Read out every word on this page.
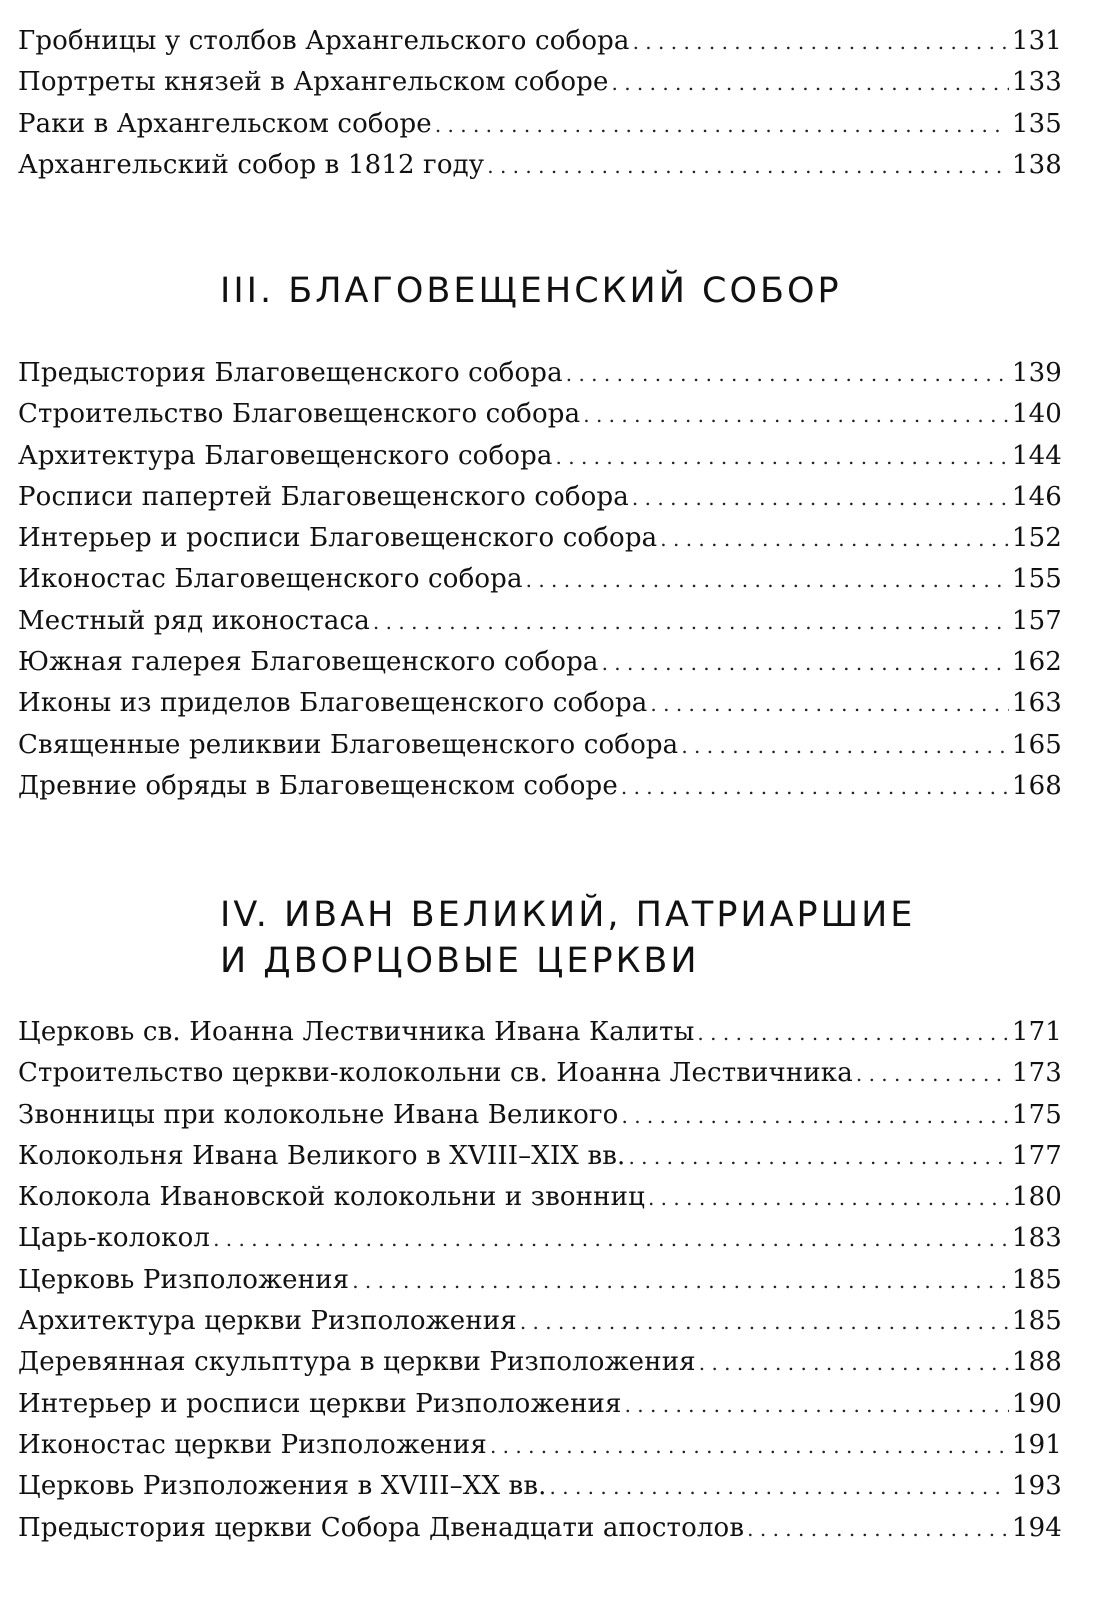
Гробницы у столбов Архангельского собора . . .	131
Портреты князей в Архангельском соборе . . .	133
Раки в Архангельском соборе . . .	135
Архангельский собор в 1812 году . . .	138
III. БЛАГОВЕЩЕНСКИЙ СОБОР
Предыстория Благовещенского собора . . .	139
Строительство Благовещенского собора . . .	140
Архитектура Благовещенского собора . . .	144
Росписи папертей Благовещенского собора . . .	146
Интерьер и росписи Благовещенского собора . . .	152
Иконостас Благовещенского собора . . .	155
Местный ряд иконостаса . . .	157
Южная галерея Благовещенского собора . . .	162
Иконы из приделов Благовещенского собора . . .	163
Священные реликвии Благовещенского собора . . .	165
Древние обряды в Благовещенском соборе . . .	168
IV. ИВАН ВЕЛИКИЙ, ПАТРИАРШИЕ
И ДВОРЦОВЫЕ ЦЕРКВИ
Церковь св. Иоанна Лествичника Ивана Калиты . . .	171
Строительство церкви-колокольни св. Иоанна Лествичника . . .	173
Звонницы при колокольне Ивана Великого . . .	175
Колокольня Ивана Великого в XVIII–XIX вв. . . .	177
Колокола Ивановской колокольни и звонниц . . .	180
Царь-колокол . . .	183
Церковь Ризположения . . .	185
Архитектура церкви Ризположения . . .	185
Деревянная скульптура в церкви Ризположения . . .	188
Интерьер и росписи церкви Ризположения . . .	190
Иконостас церкви Ризположения . . .	191
Церковь Ризположения в XVIII–XX вв. . . .	193
Предыстория церкви Собора Двенадцати апостолов . . .	194
